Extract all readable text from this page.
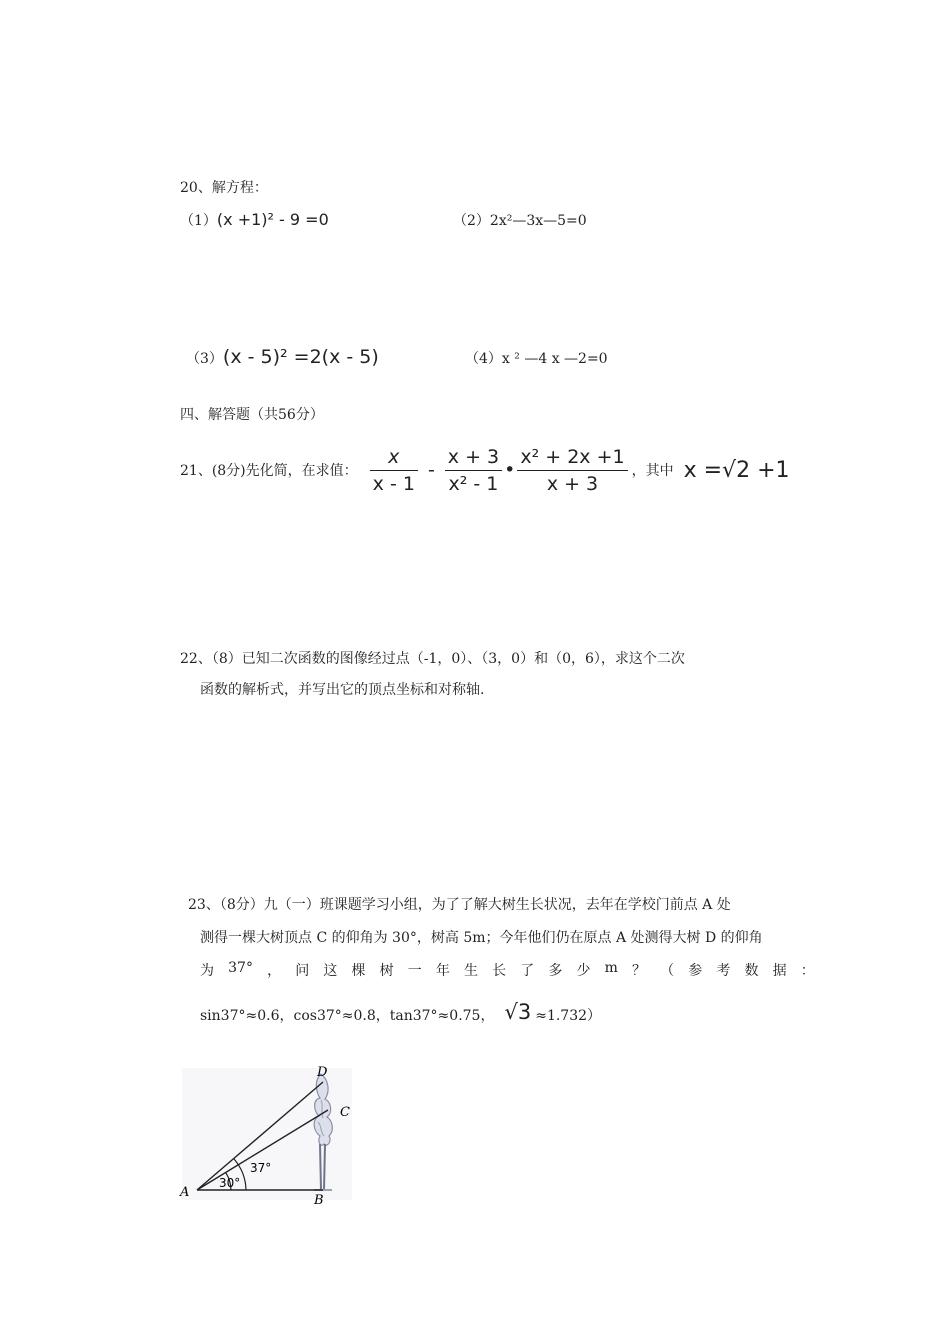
20、解方程：
（1）(x +1)² - 9 =0	（2）2x²—3x—5=0
（3）(x - 5)² =2(x - 5)	（4）x ² —4 x —2=0
四、解答题（共56分）
21、(8分)先化简，在求值： $\frac{x}{x - 1} - \frac{x + 3}{\text{x² - 1}}$ • $\frac{\text{x² + 2x +1}}{x + 3}$ ，其中 x =√2 +1
22、（8）已知二次函数的图像经过点（-1，0）、（3，0）和（0，6），求这个二次
函数的解析式，并写出它的顶点坐标和对称轴.
23、（8分）九（一）班课题学习小组，为了了解大树生长状况，去年在学校门前点 A 处
测得一棵大树顶点 C 的仰角为 30°，树高 5m；今年他们仍在原点 A 处测得大树 D 的仰角
为 37° ， 问 这 棵 树 一 年 生 长 了 多 少 m ？ （ 参 考 数 据 ：
sin37°≈0.6，cos37°≈0.8，tan37°≈0.75， √3 ≈1.732）
A
B
C
D
30°
37°
